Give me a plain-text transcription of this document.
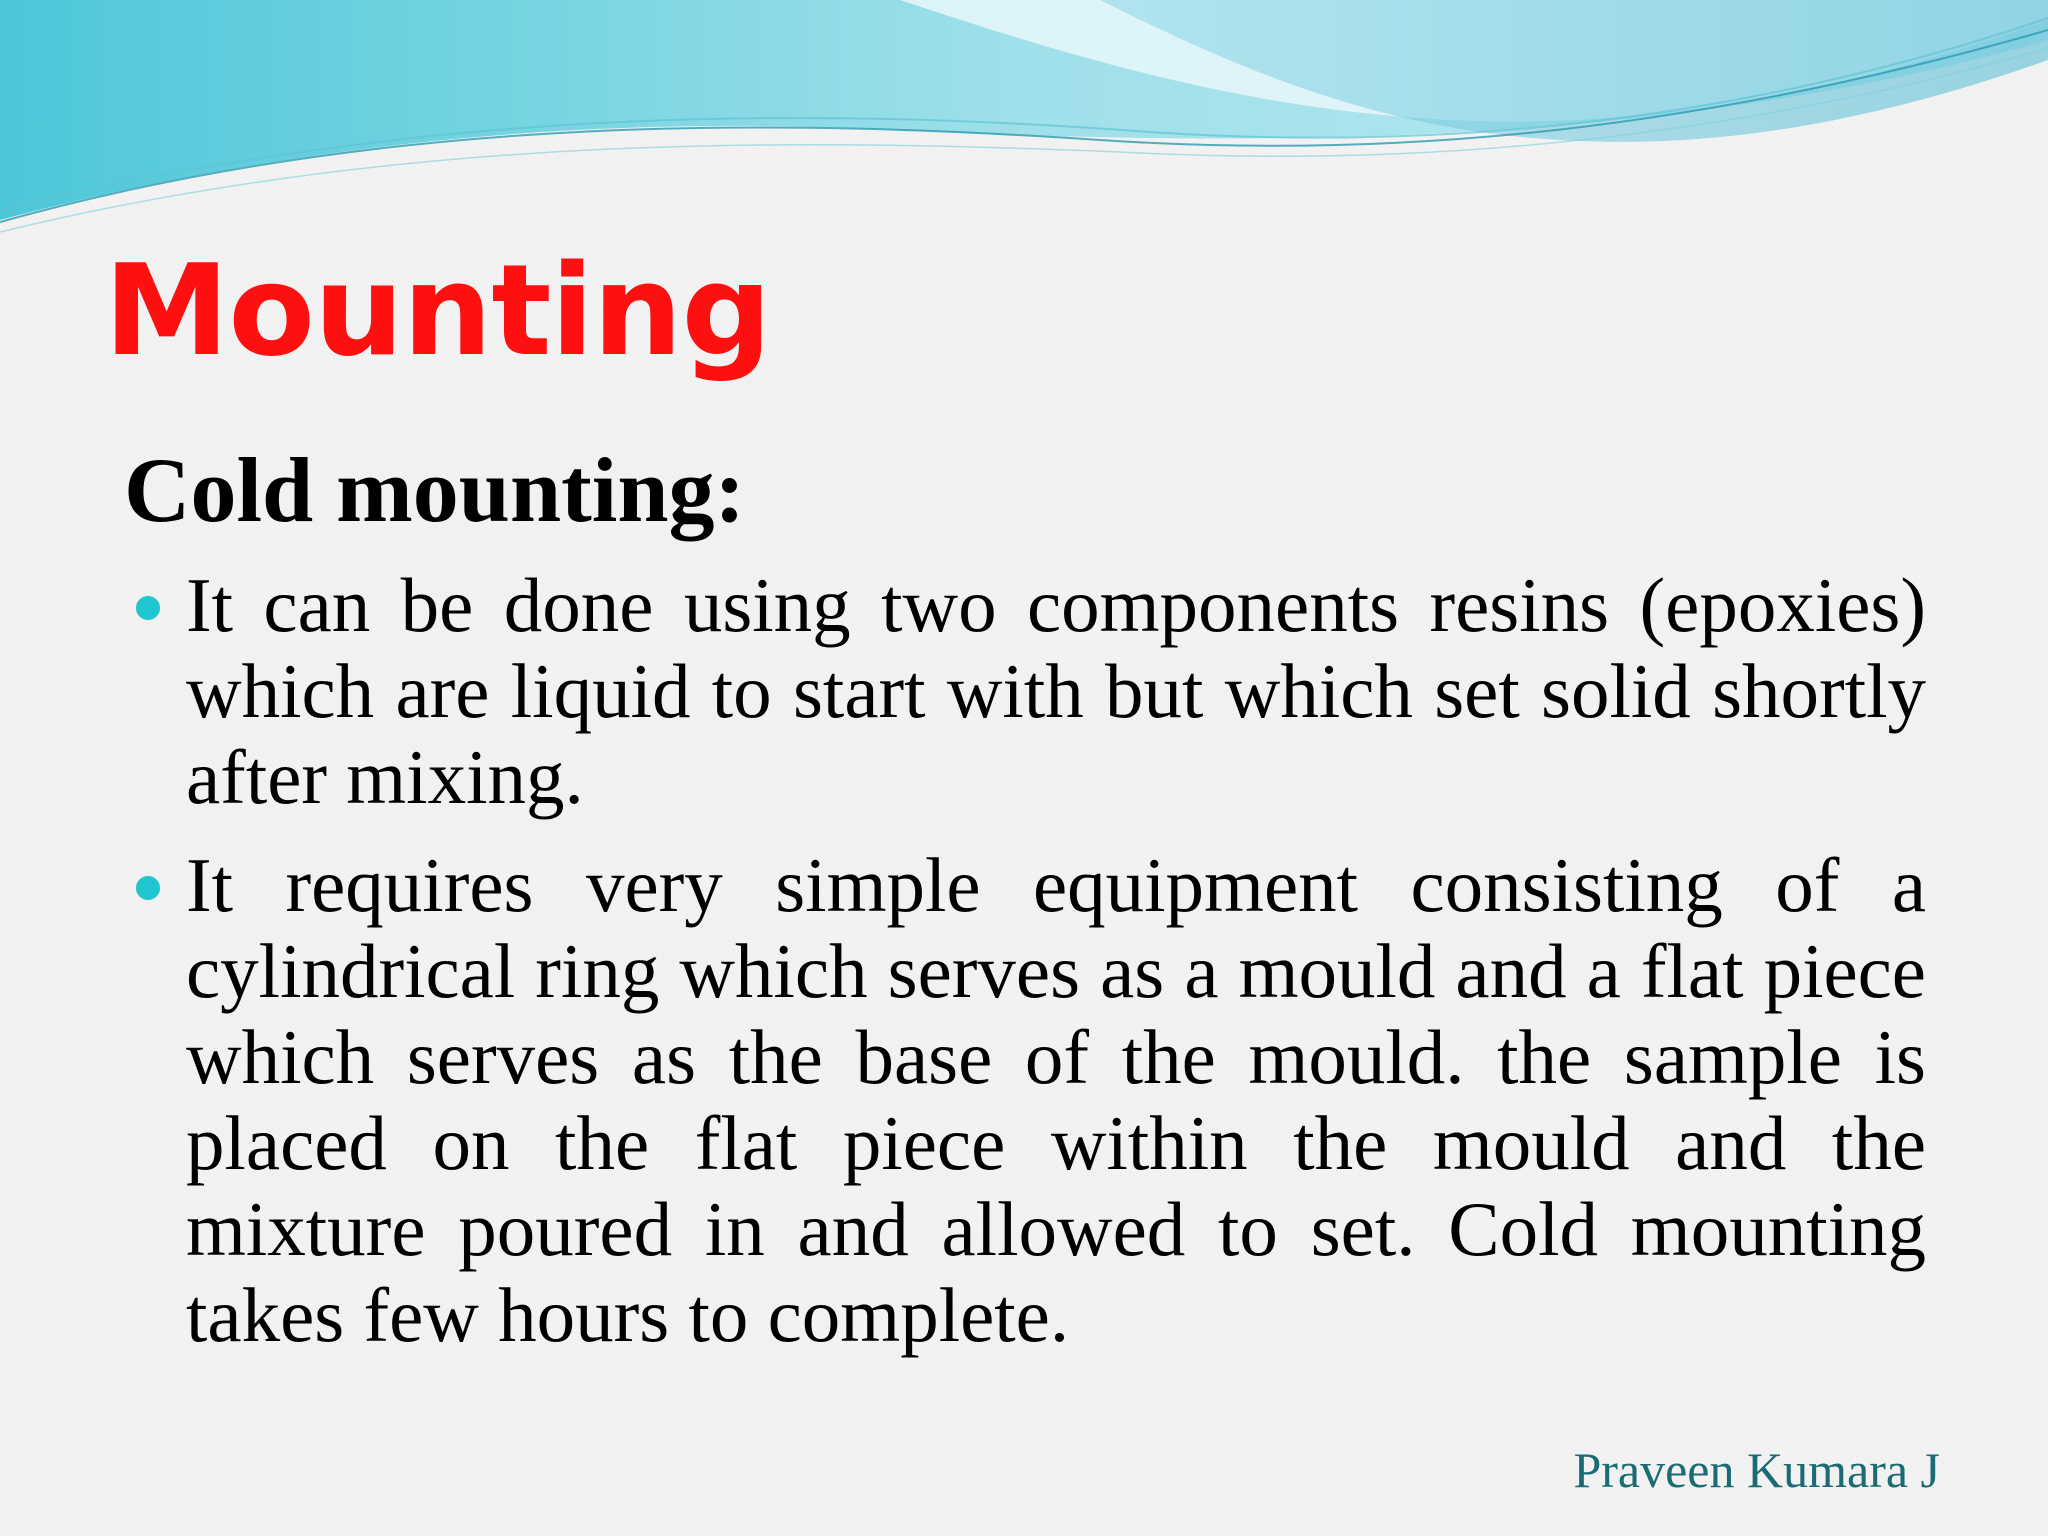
Mounting
Cold mounting:
It can be done using two components resins (epoxies) which are liquid to start with but which set solid shortly after mixing.
It requires very simple equipment consisting of a cylindrical ring which serves as a mould and a flat piece which serves as the base of the mould. the sample is placed on the flat piece within the mould and the mixture poured in and allowed to set. Cold mounting takes few hours to complete.

Praveen Kumara J
